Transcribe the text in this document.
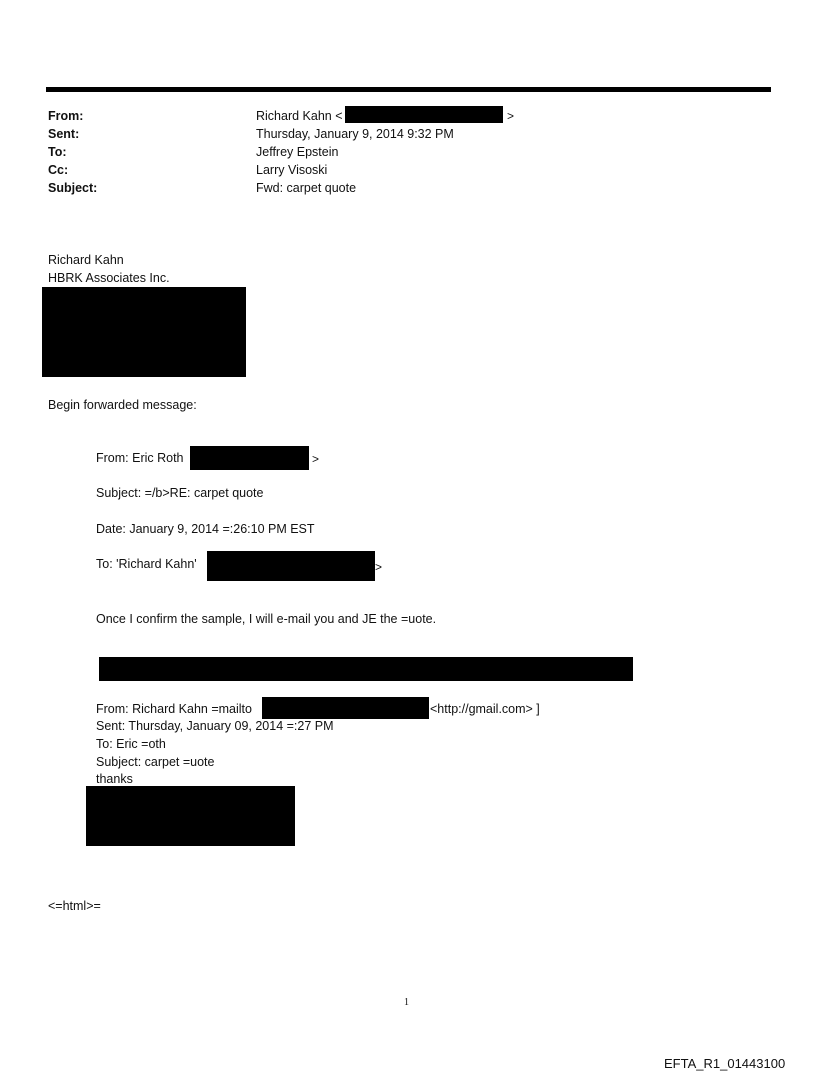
From:	Richard Kahn <	>
Sent:	Thursday, January 9, 2014 9:32 PM
To:	Jeffrey Epstein
Cc:	Larry Visoski
Subject:	Fwd: carpet quote
Richard Kahn
HBRK Associates Inc.
Begin forwarded message:
From: Eric Roth	>
Subject: =/b>RE: carpet quote
Date: January 9, 2014 =:26:10 PM EST
To: 'Richard Kahn'	>
Once I confirm the sample, I will e-mail you and JE the =uote.
From: Richard Kahn =mailto	<http://gmail.com> ]
Sent: Thursday, January 09, 2014 =:27 PM
To: Eric =oth
Subject: carpet =uote
thanks
<=html>=
1
EFTA_R1_01443100
